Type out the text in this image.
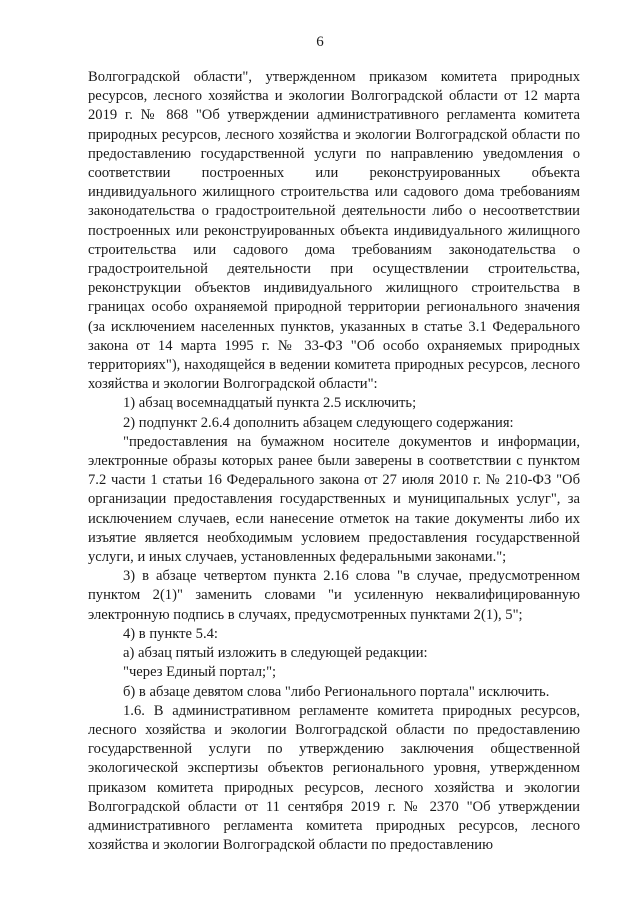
6

Волгоградской области", утвержденном приказом комитета природных ресурсов, лесного хозяйства и экологии Волгоградской области от 12 марта 2019 г. № 868 "Об утверждении административного регламента комитета природных ресурсов, лесного хозяйства и экологии Волгоградской области по предоставлению государственной услуги по направлению уведомления о соответствии построенных или реконструированных объекта индивидуального жилищного строительства или садового дома требованиям законодательства о градостроительной деятельности либо о несоответствии построенных или реконструированных объекта индивидуального жилищного строительства или садового дома требованиям законодательства о градостроительной деятельности при осуществлении строительства, реконструкции объектов индивидуального жилищного строительства в границах особо охраняемой природной территории регионального значения (за исключением населенных пунктов, указанных в статье 3.1 Федерального закона от 14 марта 1995 г. № 33-ФЗ "Об особо охраняемых природных территориях"), находящейся в ведении комитета природных ресурсов, лесного хозяйства и экологии Волгоградской области":

1) абзац восемнадцатый пункта 2.5 исключить;

2) подпункт 2.6.4 дополнить абзацем следующего содержания:

"предоставления на бумажном носителе документов и информации, электронные образы которых ранее были заверены в соответствии с пунктом 7.2 части 1 статьи 16 Федерального закона от 27 июля 2010 г. № 210-ФЗ "Об организации предоставления государственных и муниципальных услуг", за исключением случаев, если нанесение отметок на такие документы либо их изъятие является необходимым условием предоставления государственной услуги, и иных случаев, установленных федеральными законами.";

3) в абзаце четвертом пункта 2.16 слова "в случае, предусмотренном пунктом 2(1)" заменить словами "и усиленную неквалифицированную электронную подпись в случаях, предусмотренных пунктами 2(1), 5";

4) в пункте 5.4:

а) абзац пятый изложить в следующей редакции:

"через Единый портал;";

б) в абзаце девятом слова "либо Регионального портала" исключить.

1.6. В административном регламенте комитета природных ресурсов, лесного хозяйства и экологии Волгоградской области по предоставлению государственной услуги по утверждению заключения общественной экологической экспертизы объектов регионального уровня, утвержденном приказом комитета природных ресурсов, лесного хозяйства и экологии Волгоградской области от 11 сентября 2019 г. № 2370 "Об утверждении административного регламента комитета природных ресурсов, лесного хозяйства и экологии Волгоградской области по предоставлению
